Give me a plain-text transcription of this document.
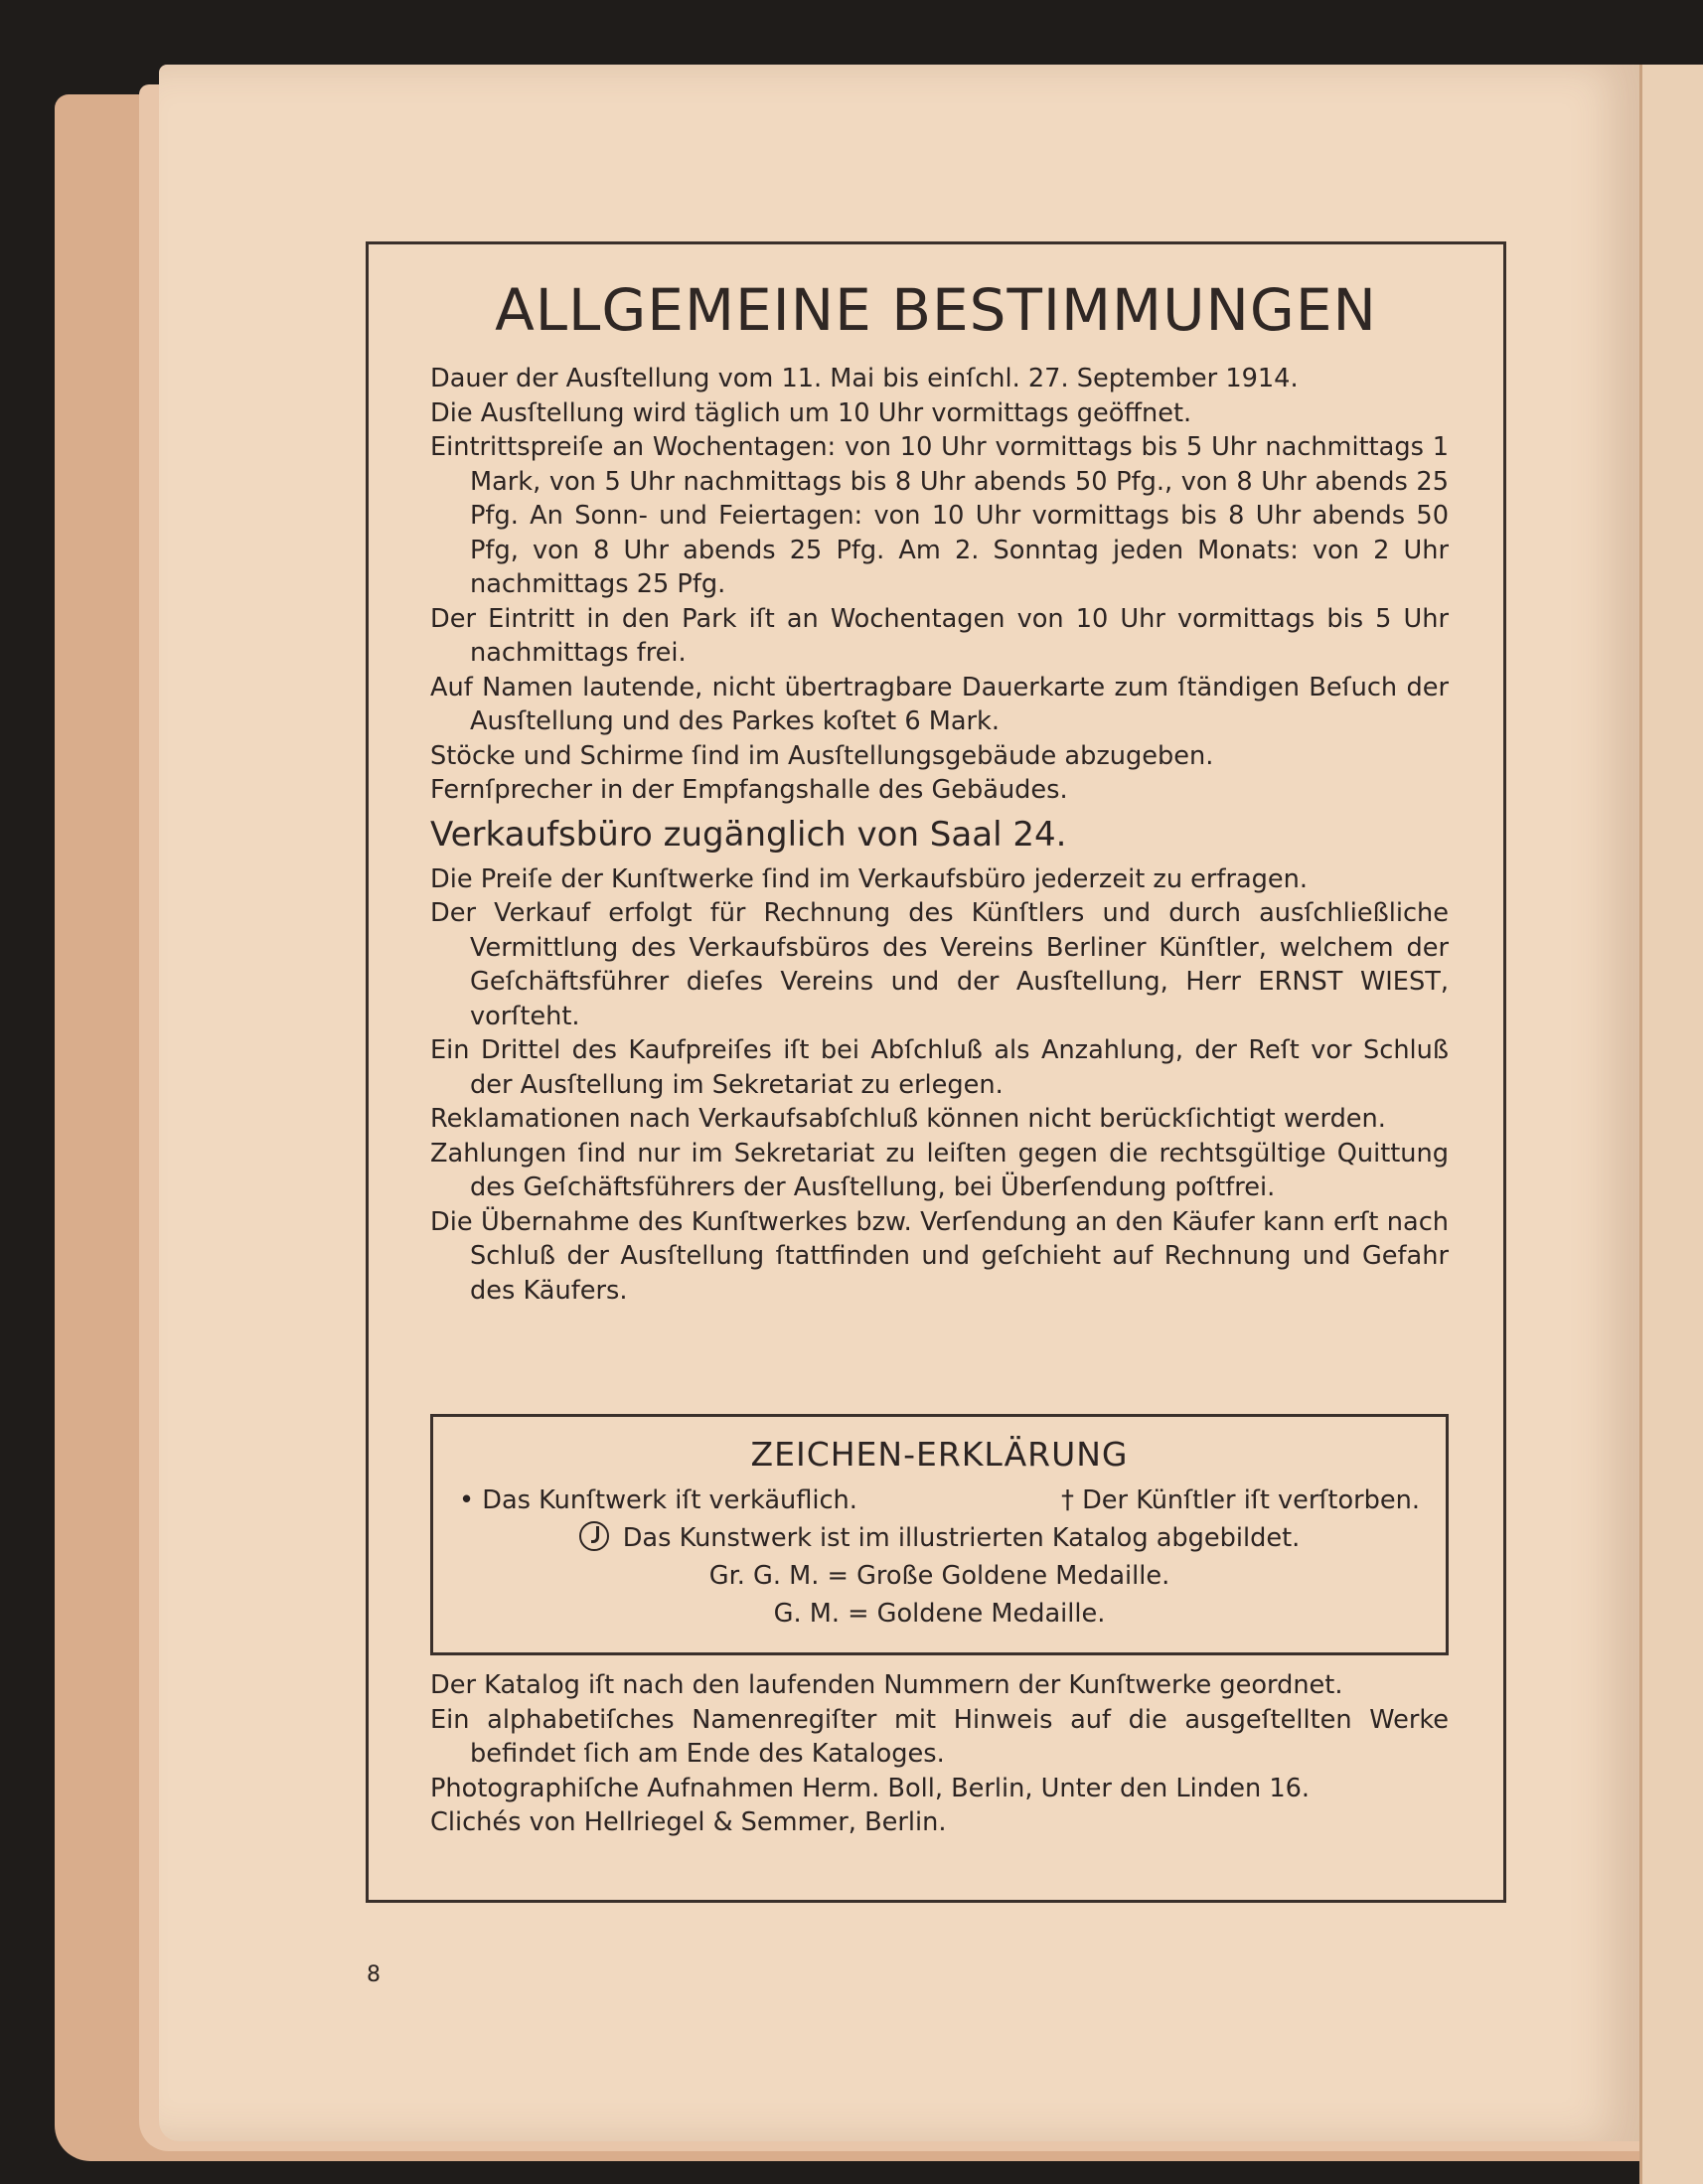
ALLGEMEINE BESTIMMUNGEN

Dauer der Ausſtellung vom 11. Mai bis einſchl. 27. September 1914.

Die Ausſtellung wird täglich um 10 Uhr vormittags geöffnet.

Eintrittspreiſe an Wochentagen: von 10 Uhr vormittags bis 5 Uhr nachmittags 1 Mark, von 5 Uhr nachmittags bis 8 Uhr abends 50 Pfg., von 8 Uhr abends 25 Pfg. An Sonn- und Feiertagen: von 10 Uhr vormittags bis 8 Uhr abends 50 Pfg, von 8 Uhr abends 25 Pfg. Am 2. Sonntag jeden Monats: von 2 Uhr nachmittags 25 Pfg.

Der Eintritt in den Park iſt an Wochentagen von 10 Uhr vormittags bis 5 Uhr nachmittags frei.

Auf Namen lautende, nicht übertragbare Dauerkarte zum ſtändigen Beſuch der Ausſtellung und des Parkes koſtet 6 Mark.

Stöcke und Schirme ſind im Ausſtellungsgebäude abzugeben.

Fernſprecher in der Empfangshalle des Gebäudes.

Verkaufsbüro zugänglich von Saal 24.

Die Preiſe der Kunſtwerke ſind im Verkaufsbüro jederzeit zu erfragen.

Der Verkauf erfolgt für Rechnung des Künſtlers und durch ausſchließliche Vermittlung des Verkaufsbüros des Vereins Berliner Künſtler, welchem der Geſchäftsführer dieſes Vereins und der Ausſtellung, Herr ERNST WIEST, vorſteht.

Ein Drittel des Kaufpreiſes iſt bei Abſchluß als Anzahlung, der Reſt vor Schluß der Ausſtellung im Sekretariat zu erlegen.

Reklamationen nach Verkaufsabſchluß können nicht berückſichtigt werden.

Zahlungen ſind nur im Sekretariat zu leiſten gegen die rechtsgültige Quittung des Geſchäftsführers der Ausſtellung, bei Überſendung poſtfrei.

Die Übernahme des Kunſtwerkes bzw. Verſendung an den Käufer kann erſt nach Schluß der Ausſtellung ſtattfinden und geſchieht auf Rechnung und Gefahr des Käufers.

ZEICHEN-ERKLÄRUNG
• Das Kunſtwerk iſt verkäuflich.	† Der Künſtler iſt verſtorben.
Das Kunstwerk ist im illustrierten Katalog abgebildet.
Gr. G. M. = Große Goldene Medaille.
G. M. = Goldene Medaille.

Der Katalog iſt nach den laufenden Nummern der Kunſtwerke geordnet.

Ein alphabetiſches Namenregiſter mit Hinweis auf die ausgeſtellten Werke befindet ſich am Ende des Kataloges.

Photographiſche Aufnahmen Herm. Boll, Berlin, Unter den Linden 16.

Clichés von Hellriegel & Semmer, Berlin.

8
